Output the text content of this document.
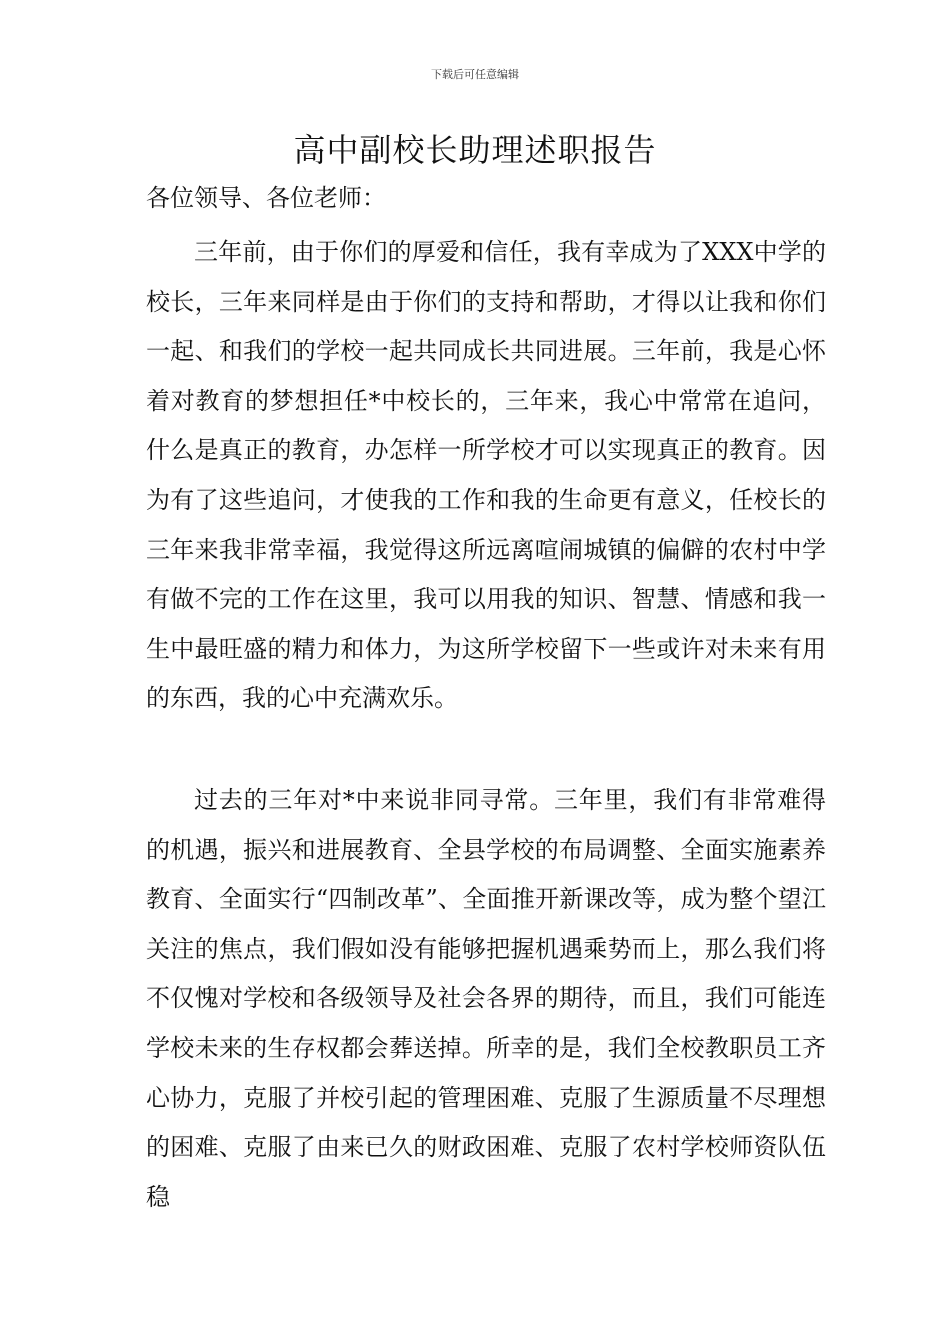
下载后可任意编辑
高中副校长助理述职报告

各位领导、各位老师：

三年前，由于你们的厚爱和信任，我有幸成为了XXX中学的校长，三年来同样是由于你们的支持和帮助，才得以让我和你们一起、和我们的学校一起共同成长共同进展。三年前，我是心怀着对教育的梦想担任*中校长的，三年来，我心中常常在追问，什么是真正的教育，办怎样一所学校才可以实现真正的教育。因为有了这些追问，才使我的工作和我的生命更有意义，任校长的三年来我非常幸福，我觉得这所远离喧闹城镇的偏僻的农村中学有做不完的工作在这里，我可以用我的知识、智慧、情感和我一生中最旺盛的精力和体力，为这所学校留下一些或许对未来有用的东西，我的心中充满欢乐。

过去的三年对*中来说非同寻常。三年里，我们有非常难得的机遇，振兴和进展教育、全县学校的布局调整、全面实施素养教育、全面实行“四制改革”、全面推开新课改等，成为整个望江关注的焦点，我们假如没有能够把握机遇乘势而上，那么我们将不仅愧对学校和各级领导及社会各界的期待，而且，我们可能连学校未来的生存权都会葬送掉。所幸的是，我们全校教职员工齐心协力，克服了并校引起的管理困难、克服了生源质量不尽理想的困难、克服了由来已久的财政困难、克服了农村学校师资队伍稳
